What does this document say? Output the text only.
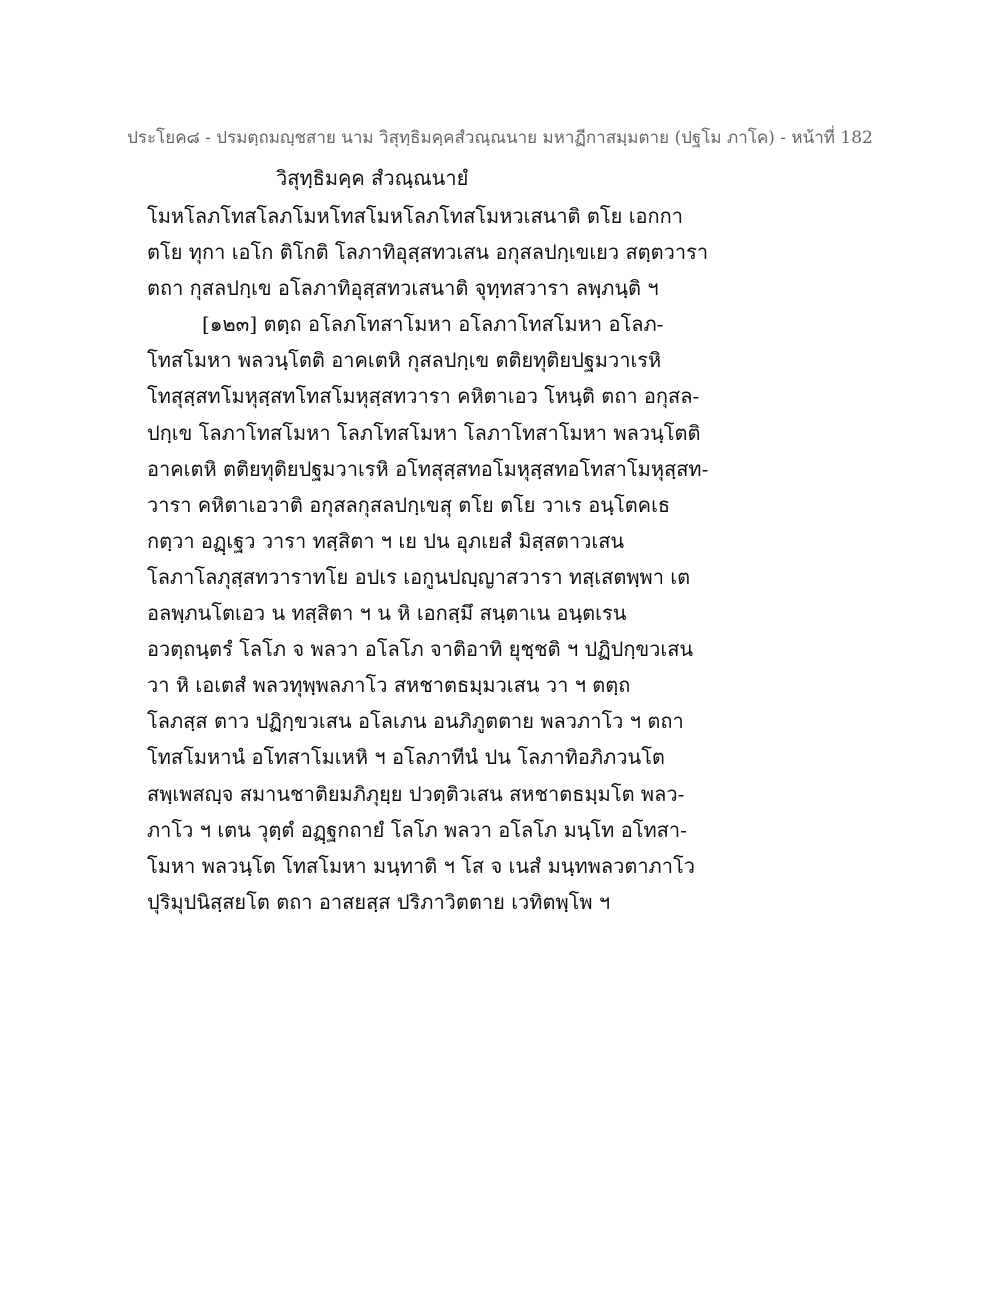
ประโยค๘ - ปรมตฺถมญฺชสาย นาม วิสุทฺธิมคฺคสํวณฺณนาย มหาฏีกาสมฺมตาย (ปฐโม ภาโค) - หน้าที่ 182
วิสุทฺธิมคฺค สํวณฺณนายํ
โมหโลภโทสโลภโมหโทสโมหโลภโทสโมหวเสนาติ ตโย เอกกา
ตโย ทุกา เอโก ติโกติ โลภาทิอุสฺสทวเสน อกุสลปกฺเขเยว สตฺตวารา
ตถา กุสลปกฺเข อโลภาทิอุสฺสทวเสนาติ จุทฺทสวารา ลพฺภนฺติ ฯ
[๑๒๓] ตตฺถ อโลภโทสาโมหา อโลภาโทสโมหา อโลภ-
โทสโมหา พลวนฺโตติ อาคเตหิ กุสลปกฺเข ตติยทุติยปฐมวาเรหิ
โทสุสฺสทโมหุสฺสทโทสโมหุสฺสทวารา คหิตาเอว โหนฺติ ตถา อกุสล-
ปกฺเข โลภาโทสโมหา โลภโทสโมหา โลภาโทสาโมหา พลวนฺโตติ
อาคเตหิ ตติยทุติยปฐมวาเรหิ อโทสุสฺสทอโมหุสฺสทอโทสาโมหุสฺสท-
วารา คหิตาเอวาติ อกุสลกุสลปกฺเขสุ ตโย ตโย วาเร อนฺโตคเธ
กตฺวา อฏฺเฐว วารา ทสฺสิตา ฯ เย ปน อุภเยสํ มิสฺสตาวเสน
โลภาโลภุสฺสทวาราทโย อปเร เอกูนปญฺญาสวารา ทสฺเสตพฺพา เต
อลพฺภนโตเอว น ทสฺสิตา ฯ น หิ เอกสฺมึ สนฺตาเน อนฺตเรน
อวตฺถนฺตรํ โลโภ จ พลวา อโลโภ จาติอาทิ ยุชฺชติ ฯ ปฏิปกฺขวเสน
วา หิ เอเตสํ พลวทุพฺพลภาโว สหชาตธมฺมวเสน วา ฯ ตตฺถ
โลภสฺส ตาว ปฏิกฺขวเสน อโลเภน อนภิภูตตาย พลวภาโว ฯ ตถา
โทสโมหานํ อโทสาโมเหหิ ฯ อโลภาทีนํ ปน โลภาทิอภิภวนโต
สพฺเพสญฺจ สมานชาติยมภิภุยฺย ปวตฺติวเสน สหชาตธมฺมโต พลว-
ภาโว ฯ เตน วุตฺตํ อฏฺฐกถายํ โลโภ พลวา อโลโภ มนฺโท อโทสา-
โมหา พลวนฺโต โทสโมหา มนฺทาติ ฯ โส จ เนสํ มนฺทพลวตาภาโว
ปุริมุปนิสฺสยโต ตถา อาสยสฺส ปริภาวิตตาย เวทิตพฺโพ ฯ
